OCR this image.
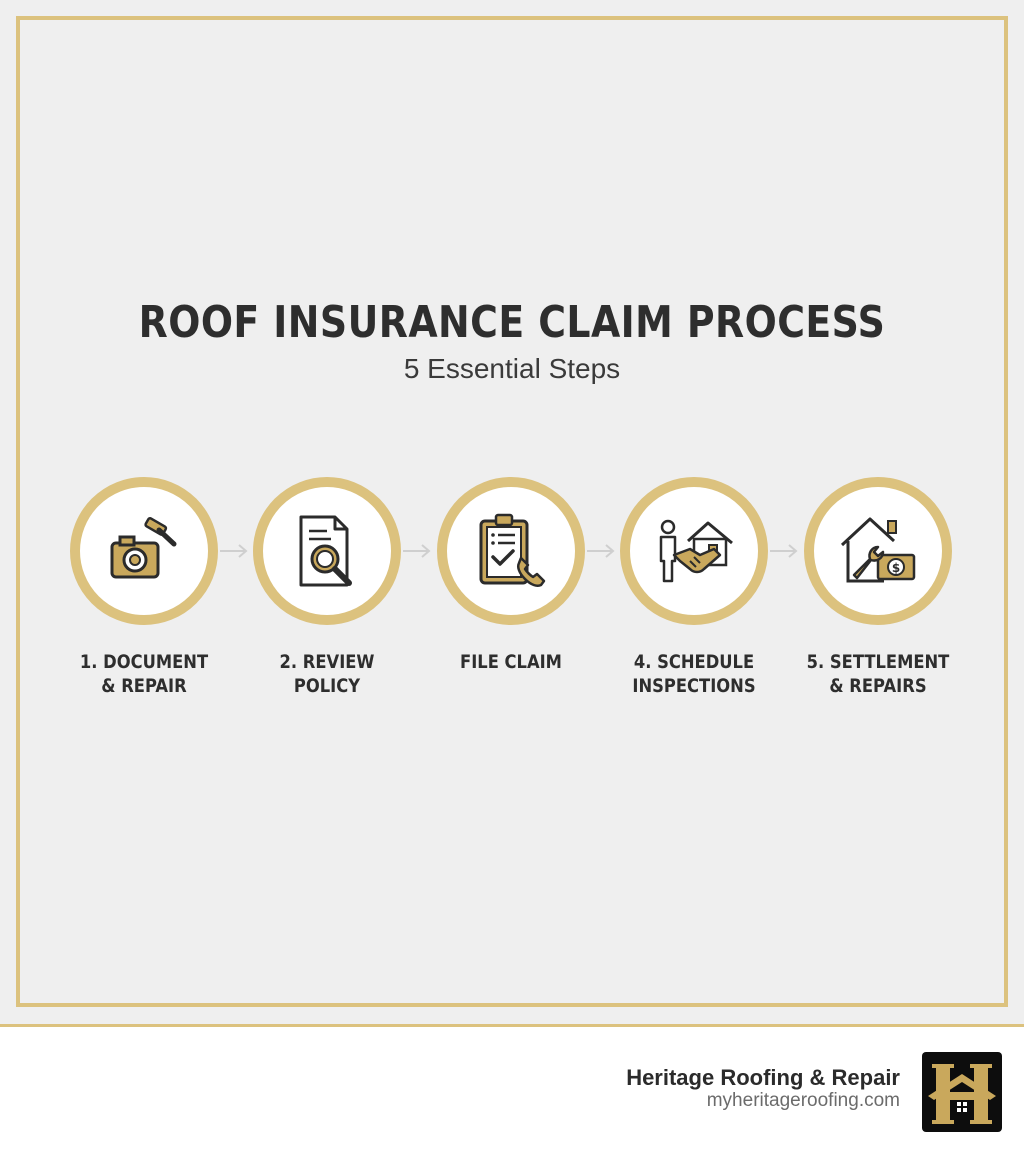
ROOF INSURANCE CLAIM PROCESS
5 Essential Steps
1. DOCUMENT
& REPAIR
2. REVIEW
POLICY
FILE CLAIM	4. SCHEDULE
INSPECTIONS
$
5. SETTLEMENT
& REPAIRS
Heritage Roofing & Repair
myheritageroofing.com
